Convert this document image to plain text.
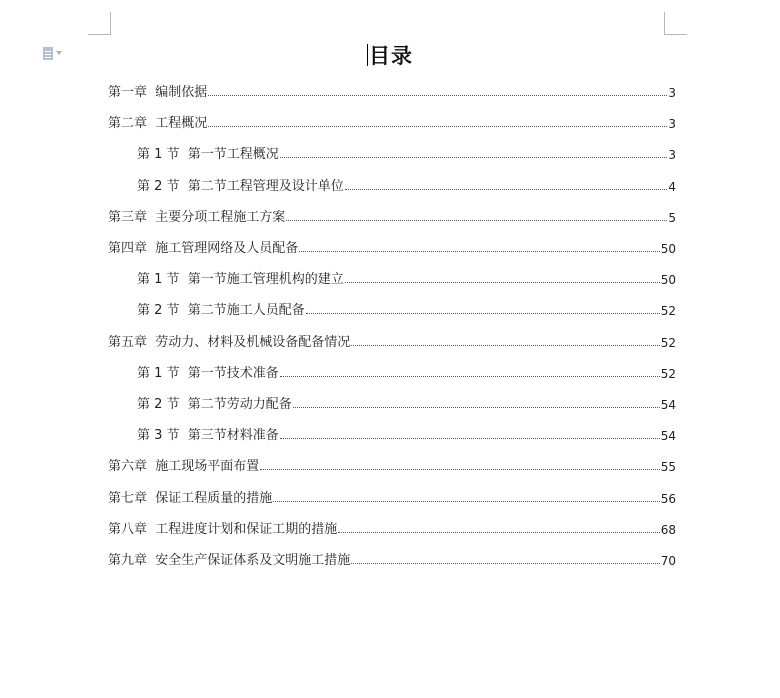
目录
第一章  编制依据	3
第二章  工程概况	3
第 1 节  第一节工程概况	3
第 2 节  第二节工程管理及设计单位	4
第三章  主要分项工程施工方案	5
第四章  施工管理网络及人员配备	50
第 1 节  第一节施工管理机构的建立	50
第 2 节  第二节施工人员配备	52
第五章  劳动力、材料及机械设备配备情况	52
第 1 节  第一节技术准备	52
第 2 节  第二节劳动力配备	54
第 3 节  第三节材料准备	54
第六章  施工现场平面布置	55
第七章  保证工程质量的措施	56
第八章  工程进度计划和保证工期的措施	68
第九章  安全生产保证体系及文明施工措施	70
